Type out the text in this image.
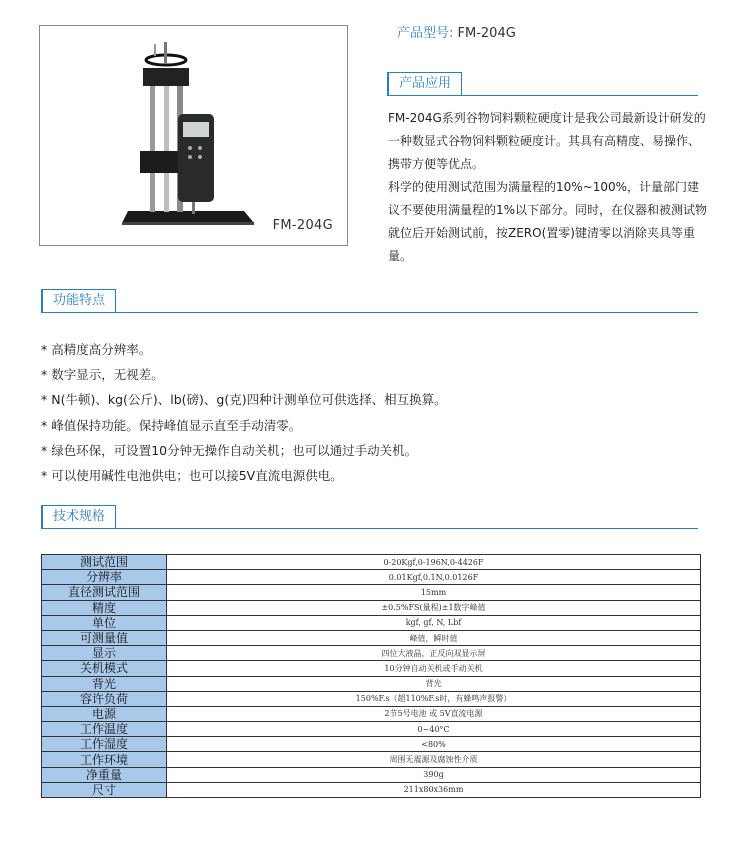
FM-204G
产品型号: FM-204G
产品应用

FM-204G系列谷物饲料颗粒硬度计是我公司最新设计研发的一种数显式谷物饲料颗粒硬度计。其具有高精度、易操作、携带方便等优点。

科学的使用测试范围为满量程的10%~100%，计量部门建议不要使用满量程的1%以下部分。同时，在仪器和被测试物就位后开始测试前，按ZERO(置零)键清零以消除夹具等重量。

功能特点
* 高精度高分辨率。
* 数字显示，无视差。
* N(牛顿)、kg(公斤)、lb(磅)、g(克)四种计测单位可供选择、相互换算。
* 峰值保持功能。保持峰值显示直至手动清零。
* 绿色环保，可设置10分钟无操作自动关机；也可以通过手动关机。
* 可以使用碱性电池供电；也可以接5V直流电源供电。
技术规格
测试范围	0-20Kgf,0-196N,0-4426F
分辨率	0.01Kgf,0.1N,0.0126F
直径测试范围	15mm
精度	±0.5%FS(量程)±1数字峰值
单位	kgf, gf, N, Lbf
可测量值	峰值，瞬时值
显示	四位大液晶，正反向双显示屏
关机模式	10分钟自动关机或手动关机
背光	背光
容许负荷	150%F.s（超110%F.s时，有蜂鸣声报警）
电源	2节5号电池 或 5V直流电源
工作温度	0~40°C
工作湿度	<80%
工作环境	周围无震源及腐蚀性介质
净重量	390g
尺寸	211x80x36mm
